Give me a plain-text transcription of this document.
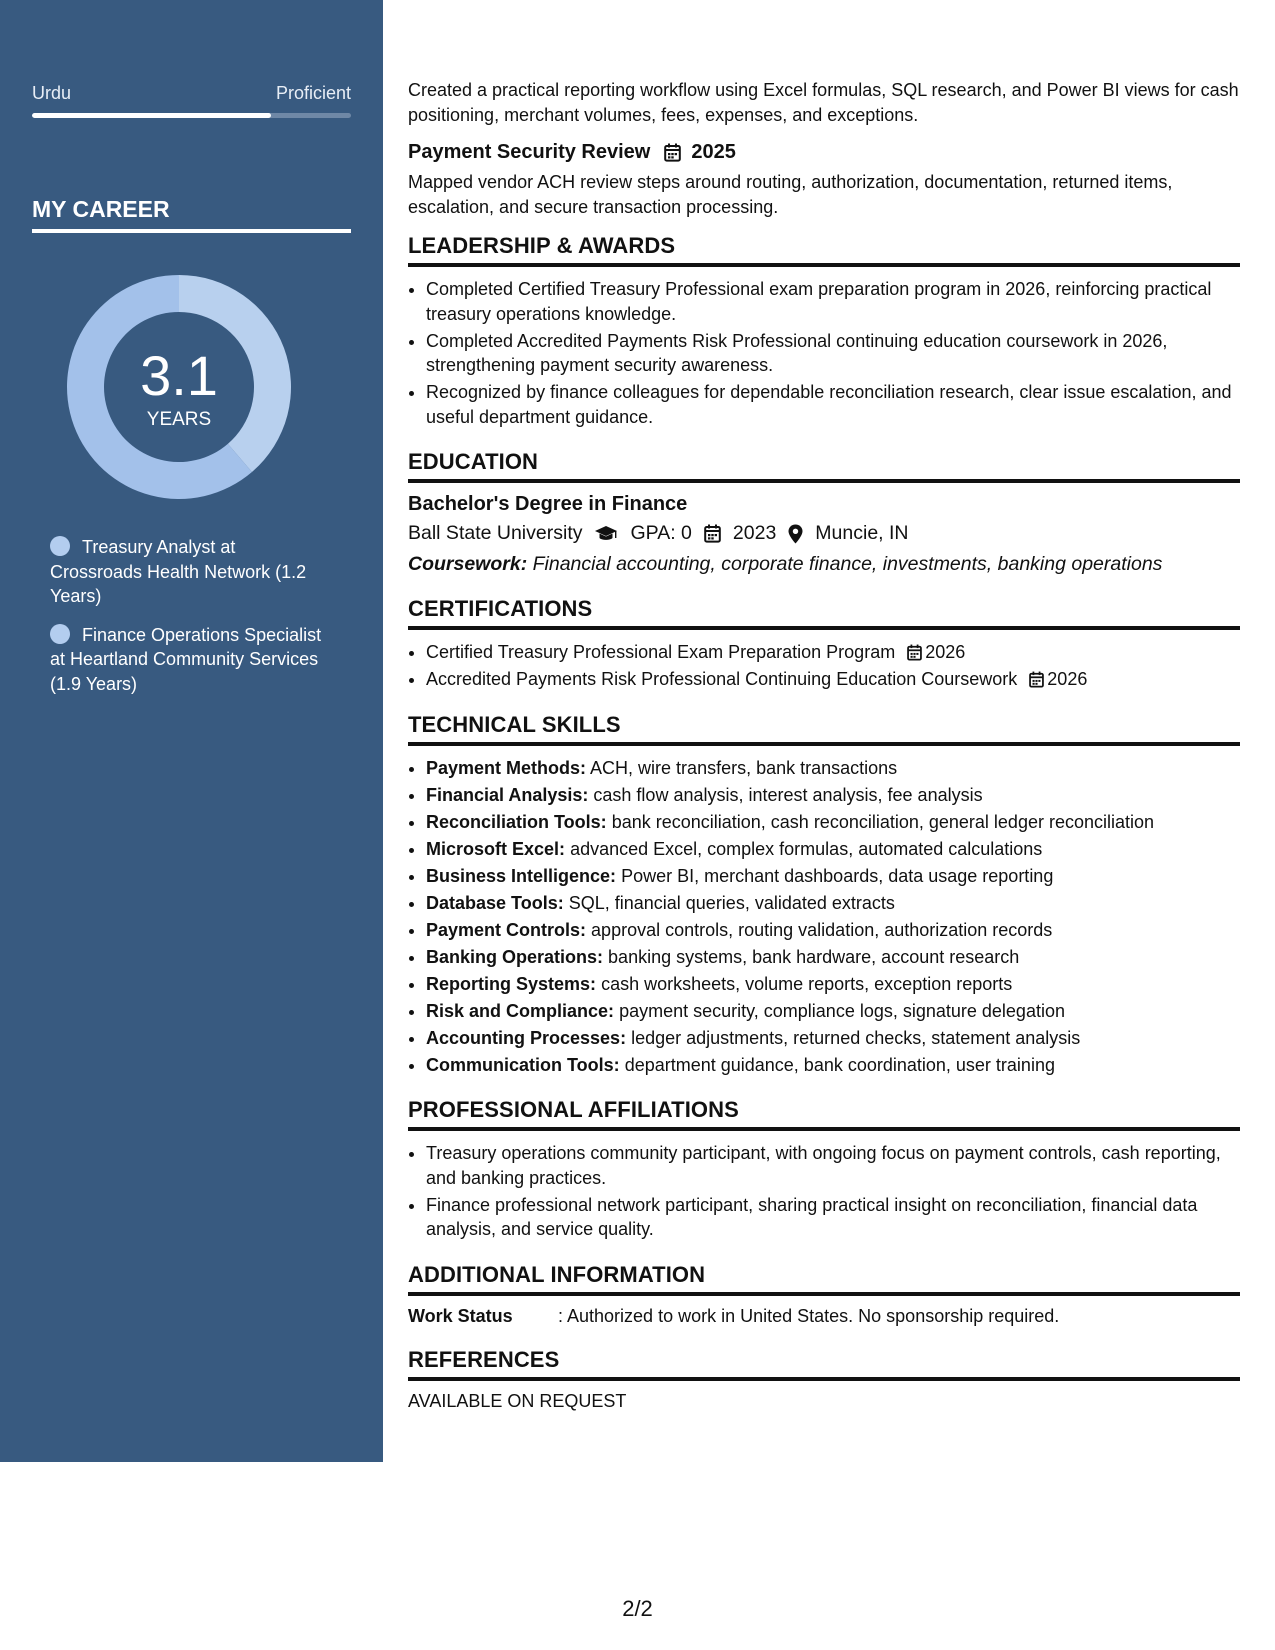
Urdu	Proficient
MY CAREER
3.1
YEARS
Treasury Analyst at Crossroads Health Network (1.2 Years)
Finance Operations Specialist at Heartland Community Services (1.9 Years)

Created a practical reporting workflow using Excel formulas, SQL research, and Power BI views for cash positioning, merchant volumes, fees, expenses, and exceptions.

Payment Security Review 2025

Mapped vendor ACH review steps around routing, authorization, documentation, returned items, escalation, and secure transaction processing.

LEADERSHIP & AWARDS
• Completed Certified Treasury Professional exam preparation program in 2026, reinforcing practical treasury operations knowledge.
• Completed Accredited Payments Risk Professional continuing education coursework in 2026, strengthening payment security awareness.
• Recognized by finance colleagues for dependable reconciliation research, clear issue escalation, and useful department guidance.
EDUCATION
Bachelor's Degree in Finance
Ball State University GPA: 0 2023 Muncie, IN
Coursework: Financial accounting, corporate finance, investments, banking operations
CERTIFICATIONS
• Certified Treasury Professional Exam Preparation Program 2026
• Accredited Payments Risk Professional Continuing Education Coursework 2026
TECHNICAL SKILLS
• Payment Methods: ACH, wire transfers, bank transactions
• Financial Analysis: cash flow analysis, interest analysis, fee analysis
• Reconciliation Tools: bank reconciliation, cash reconciliation, general ledger reconciliation
• Microsoft Excel: advanced Excel, complex formulas, automated calculations
• Business Intelligence: Power BI, merchant dashboards, data usage reporting
• Database Tools: SQL, financial queries, validated extracts
• Payment Controls: approval controls, routing validation, authorization records
• Banking Operations: banking systems, bank hardware, account research
• Reporting Systems: cash worksheets, volume reports, exception reports
• Risk and Compliance: payment security, compliance logs, signature delegation
• Accounting Processes: ledger adjustments, returned checks, statement analysis
• Communication Tools: department guidance, bank coordination, user training
PROFESSIONAL AFFILIATIONS
• Treasury operations community participant, with ongoing focus on payment controls, cash reporting, and banking practices.
• Finance professional network participant, sharing practical insight on reconciliation, financial data analysis, and service quality.
ADDITIONAL INFORMATION
Work Status	: Authorized to work in United States. No sponsorship required.
REFERENCES
AVAILABLE ON REQUEST
2/2
